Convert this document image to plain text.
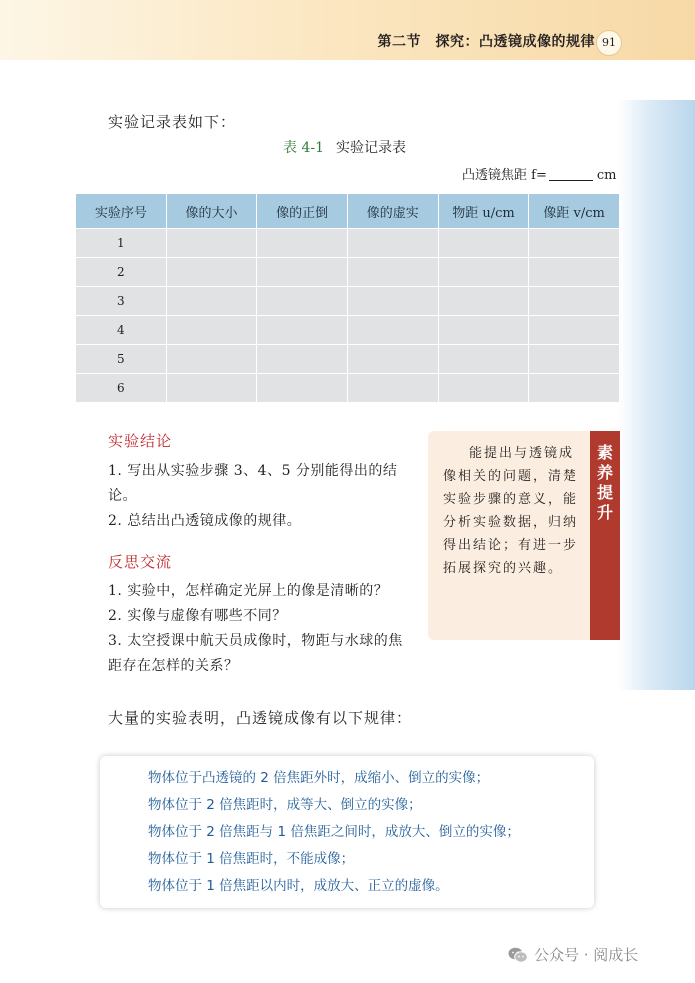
第二节　探究：凸透镜成像的规律 91
实验记录表如下：
表 4-1 实验记录表
凸透镜焦距 f=	cm
实验序号	像的大小	像的正倒	像的虚实	物距 u/cm	像距 v/cm
1					
2					
3					
4					
5					
6					
实验结论
1. 写出从实验步骤 3、4、5 分别能得出的结论。
2. 总结出凸透镜成像的规律。
反思交流
1. 实验中，怎样确定光屏上的像是清晰的？
2. 实像与虚像有哪些不同？
3. 太空授课中航天员成像时，物距与水球的焦距存在怎样的关系？
能提出与透镜成像相关的问题，清楚实验步骤的意义，能分析实验数据，归纳得出结论；有进一步拓展探究的兴趣。
素养提升
大量的实验表明，凸透镜成像有以下规律：
物体位于凸透镜的 2 倍焦距外时，成缩小、倒立的实像；
物体位于 2 倍焦距时，成等大、倒立的实像；
物体位于 2 倍焦距与 1 倍焦距之间时，成放大、倒立的实像；
物体位于 1 倍焦距时，不能成像；
物体位于 1 倍焦距以内时，成放大、正立的虚像。
公众号 · 阅成长
